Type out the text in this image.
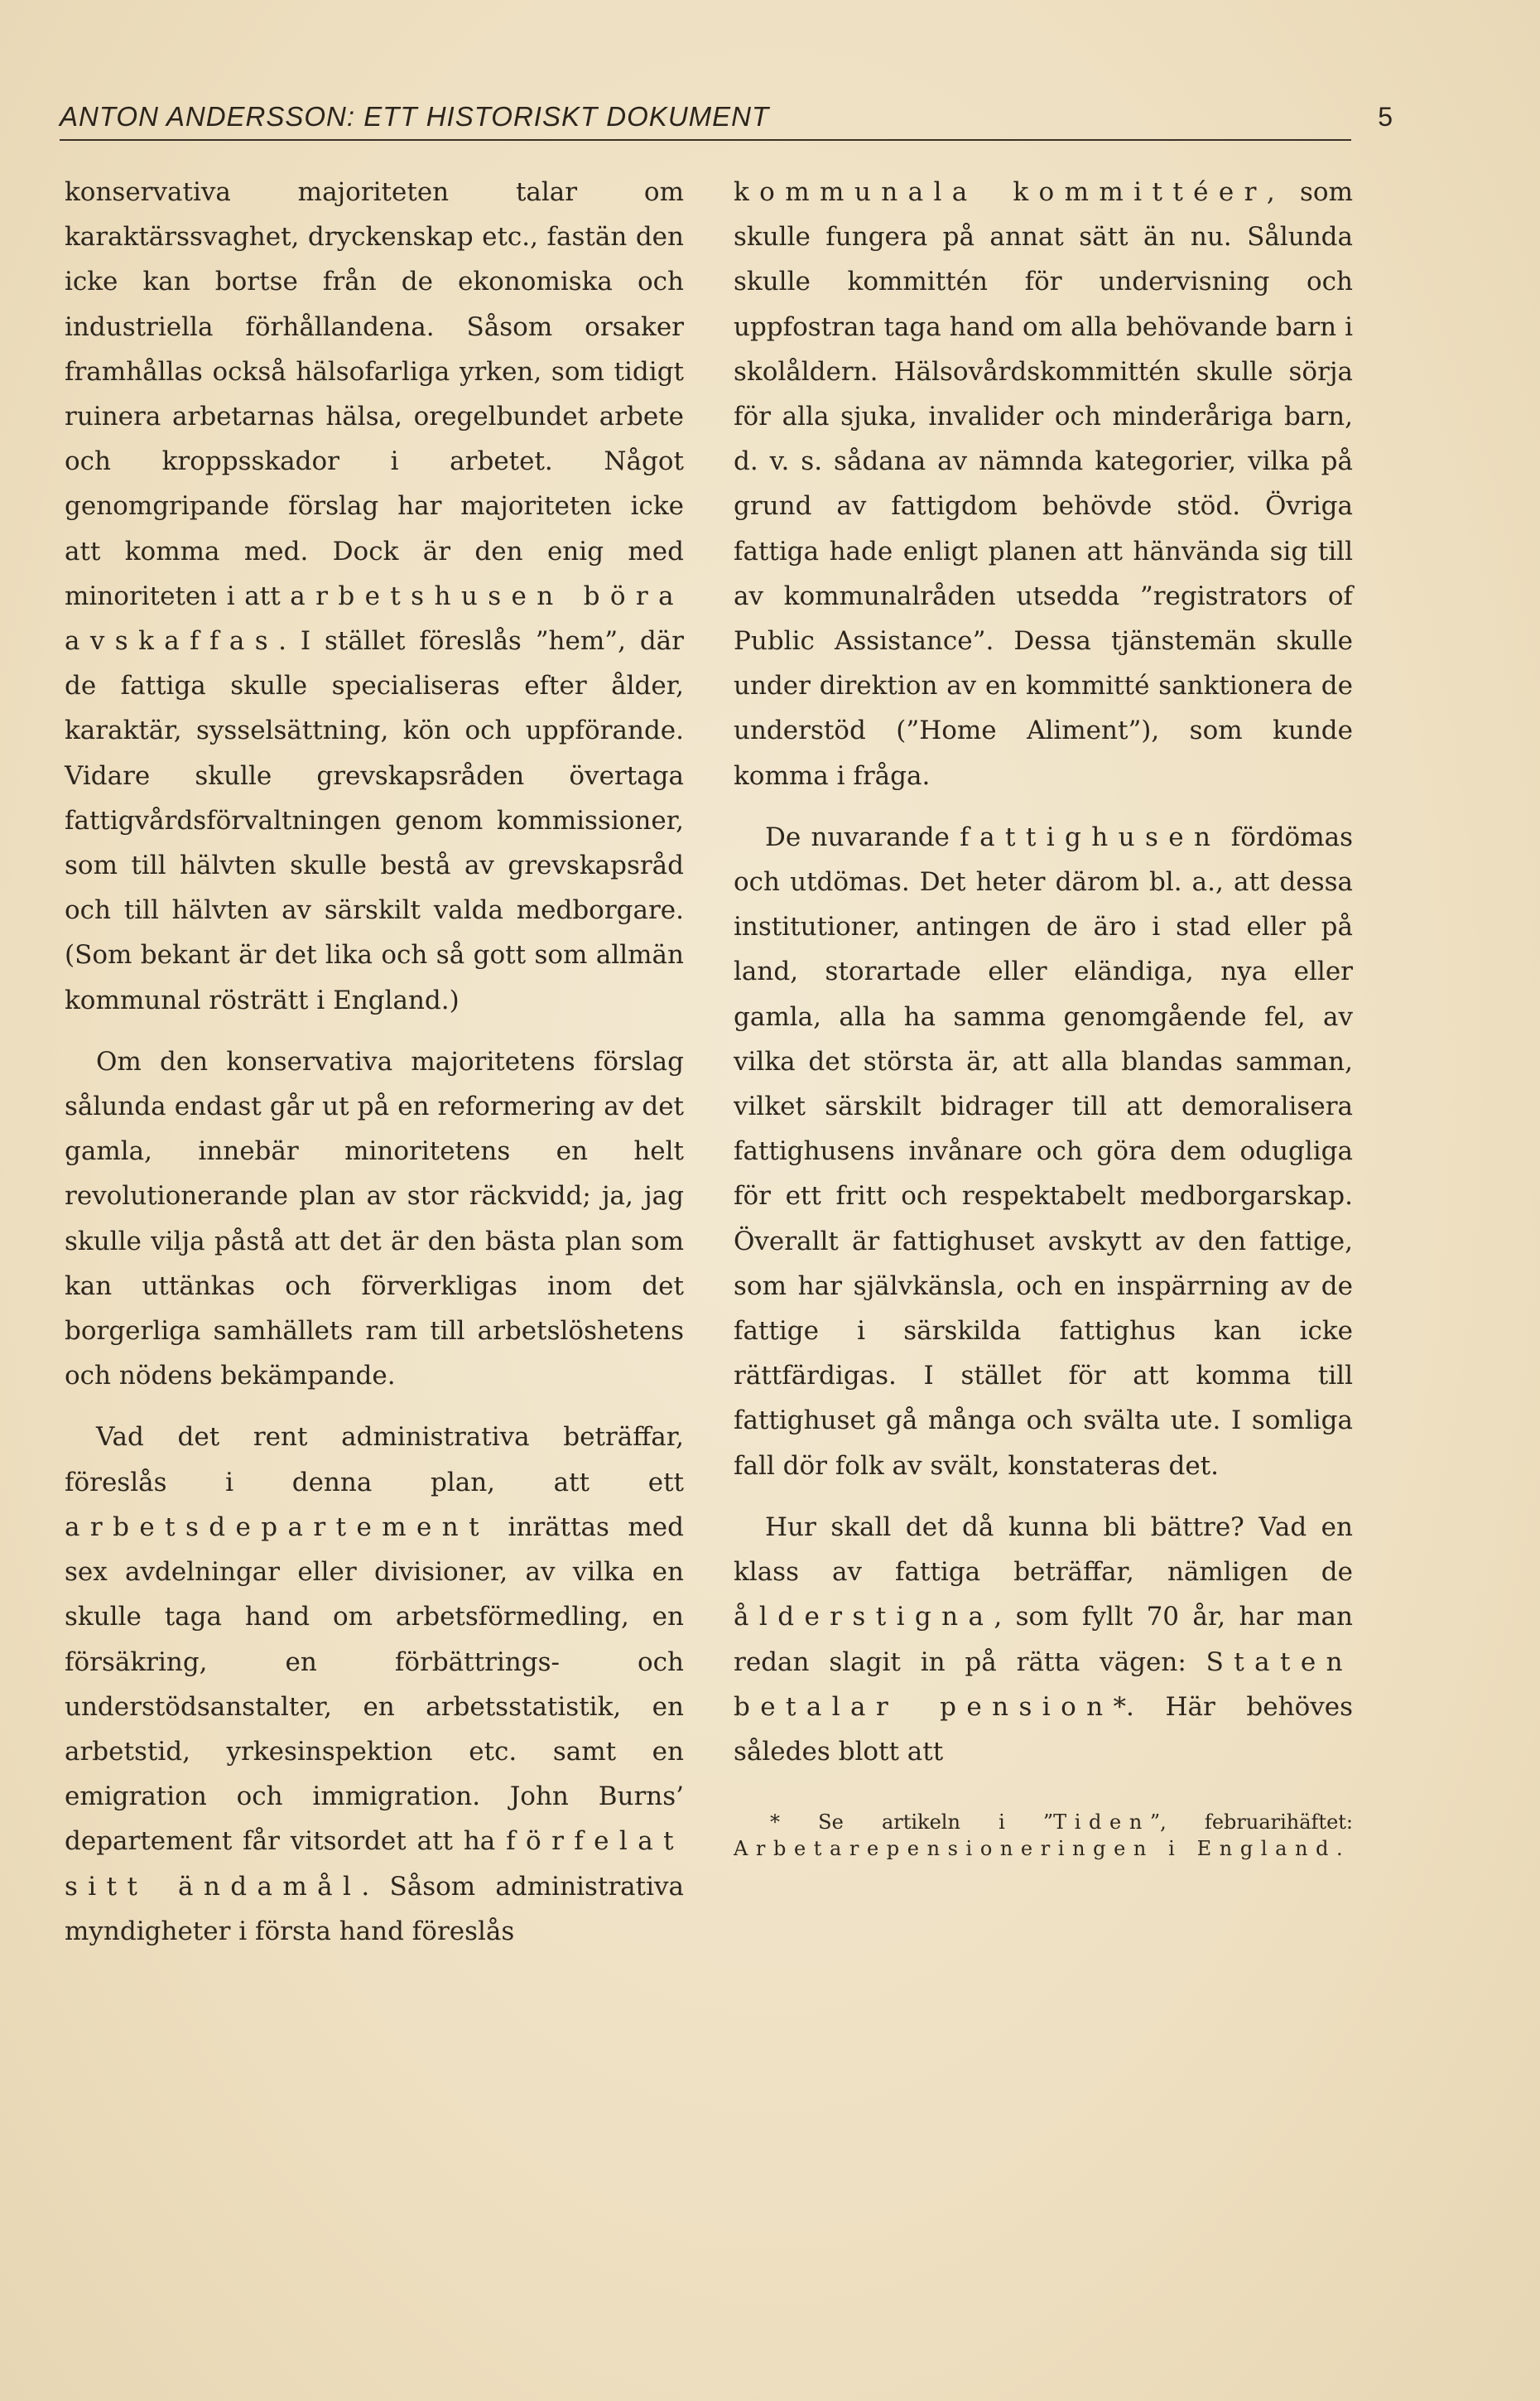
ANTON ANDERSSON: ETT HISTORISKT DOKUMENT	5

konservativa majoriteten talar om karaktärssvaghet, dryckenskap etc., fastän den icke kan bortse från de ekonomiska och industriella förhållandena. Såsom orsaker framhållas också hälsofarliga yrken, som tidigt ruinera arbetarnas hälsa, oregelbundet arbete och kroppsskador i arbetet. Något genomgripande förslag har majoriteten icke att komma med. Dock är den enig med minoriteten i att arbetshusen böra avskaffas. I stället föreslås ”hem”, där de fattiga skulle specialiseras efter ålder, karaktär, sysselsättning, kön och uppförande. Vidare skulle grevskapsråden övertaga fattigvårdsförvaltningen genom kommissioner, som till hälvten skulle bestå av grevskapsråd och till hälvten av särskilt valda medborgare. (Som bekant är det lika och så gott som allmän kommunal rösträtt i England.)

Om den konservativa majoritetens förslag sålunda endast går ut på en reformering av det gamla, innebär minoritetens en helt revolutionerande plan av stor räckvidd; ja, jag skulle vilja påstå att det är den bästa plan som kan uttänkas och förverkligas inom det borgerliga samhällets ram till arbetslöshetens och nödens bekämpande.

Vad det rent administrativa beträffar, föreslås i denna plan, att ett arbetsdepartement inrättas med sex avdelningar eller divisioner, av vilka en skulle taga hand om arbetsförmedling, en försäkring, en förbättrings- och understödsanstalter, en arbetsstatistik, en arbetstid, yrkesinspektion etc. samt en emigration och immigration. John Burns’ departement får vitsordet att ha förfelat sitt ändamål. Såsom administrativa myndigheter i första hand föreslås

kommunala kommittéer, som skulle fungera på annat sätt än nu. Sålunda skulle kommittén för undervisning och uppfostran taga hand om alla behövande barn i skolåldern. Hälsovårdskommittén skulle sörja för alla sjuka, invalider och minderåriga barn, d. v. s. sådana av nämnda kategorier, vilka på grund av fattigdom behövde stöd. Övriga fattiga hade enligt planen att hänvända sig till av kommunalråden utsedda ”registrators of Public Assistance”. Dessa tjänstemän skulle under direktion av en kommitté sanktionera de understöd (”Home Aliment”), som kunde komma i fråga.

De nuvarande fattighusen fördömas och utdömas. Det heter därom bl. a., att dessa institutioner, antingen de äro i stad eller på land, storartade eller eländiga, nya eller gamla, alla ha samma genomgående fel, av vilka det största är, att alla blandas samman, vilket särskilt bidrager till att demoralisera fattighusens invånare och göra dem odugliga för ett fritt och respektabelt medborgarskap. Överallt är fattighuset avskytt av den fattige, som har självkänsla, och en inspärrning av de fattige i särskilda fattighus kan icke rättfärdigas. I stället för att komma till fattighuset gå många och svälta ute. I somliga fall dör folk av svält, konstateras det.

Hur skall det då kunna bli bättre? Vad en klass av fattiga beträffar, nämligen de ålderstigna, som fyllt 70 år, har man redan slagit in på rätta vägen: Staten betalar pension*. Här behöves således blott att

* Se artikeln i ”Tiden”, februarihäftet: Arbetarepensioneringen i England.
